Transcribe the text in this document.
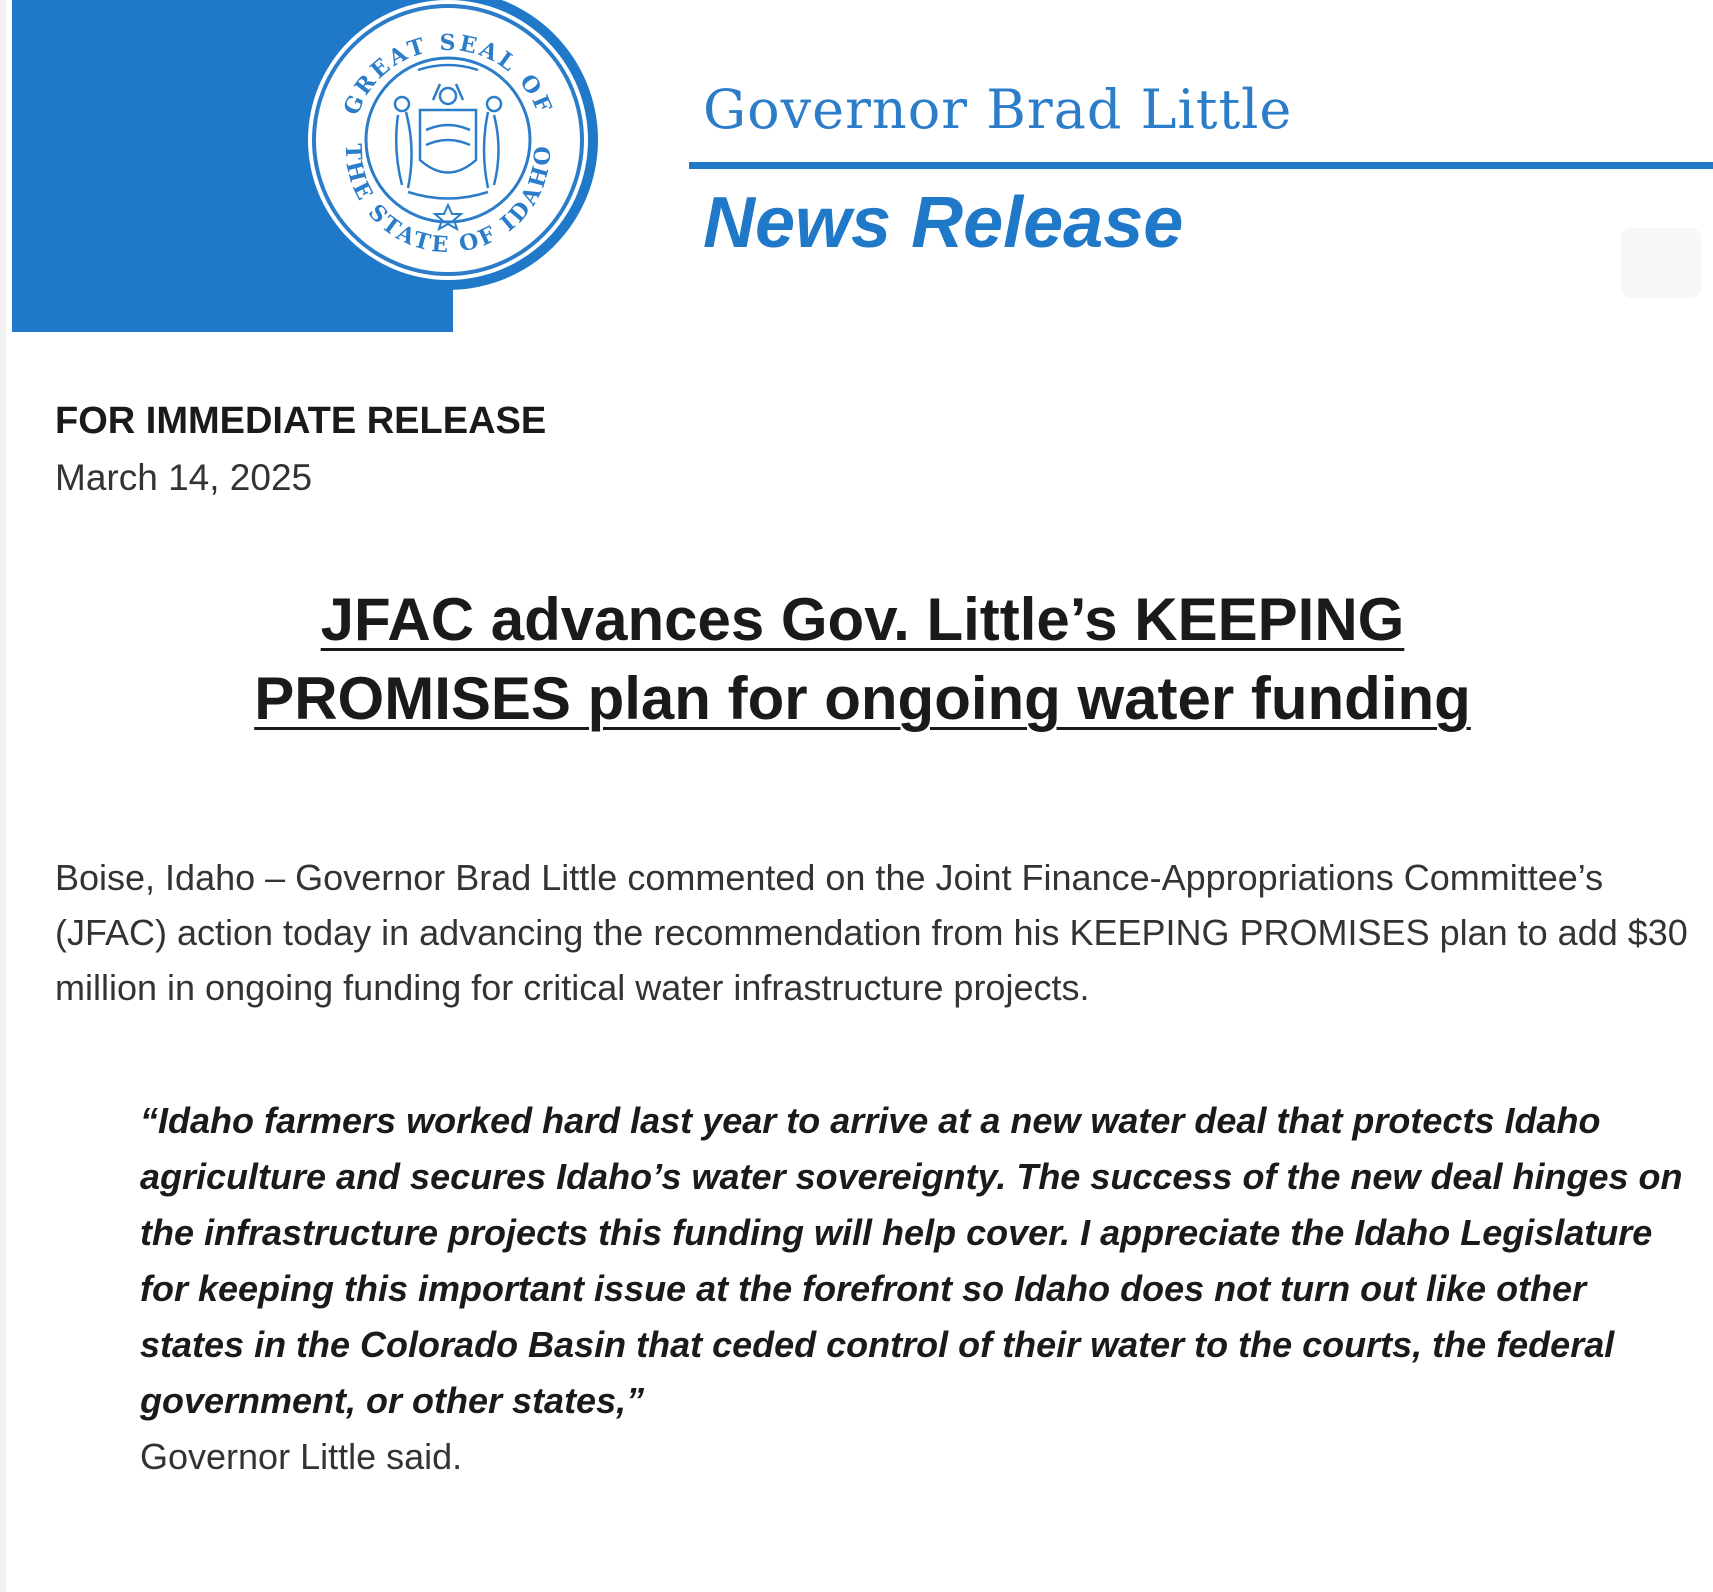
GREAT SEAL OF
THE STATE OF IDAHO
Governor Brad Little
News Release
FOR IMMEDIATE RELEASE
March 14, 2025
JFAC advances Gov. Little’s KEEPING
PROMISES plan for ongoing water funding
Boise, Idaho – Governor Brad Little commented on the Joint Finance-Appropriations Committee’s (JFAC) action today in advancing the recommendation from his KEEPING PROMISES plan to add $30 million in ongoing funding for critical water infrastructure projects.
“Idaho farmers worked hard last year to arrive at a new water deal that protects Idaho agriculture and secures Idaho’s water sovereignty. The success of the new deal hinges on the infrastructure projects this funding will help cover. I appreciate the Idaho Legislature for keeping this important issue at the forefront so Idaho does not turn out like other states in the Colorado Basin that ceded control of their water to the courts, the federal government, or other states,”
Governor Little said.
